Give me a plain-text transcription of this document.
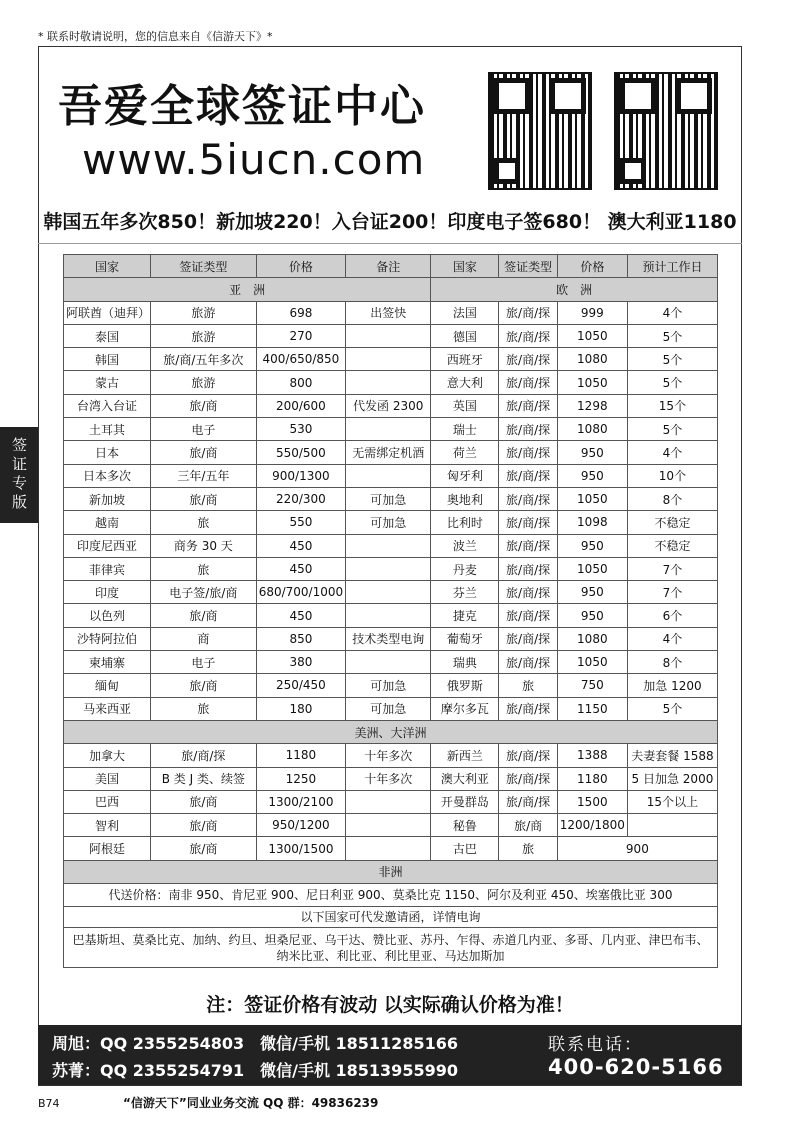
* 联系时敬请说明，您的信息来自《信游天下》*
吾爱全球签证中心
www.5iucn.com
韩国五年多次850！新加坡220！入台证200！印度电子签680！ 澳大利亚1180
签证专版
国家	签证类型	价格	备注	国家	签证类型	价格	预计工作日
亚　洲				欧　洲			
阿联酋（迪拜）	旅游	698	出签快	法国	旅/商/探	999	4个
泰国	旅游	270		德国	旅/商/探	1050	5个
韩国	旅/商/五年多次	400/650/850		西班牙	旅/商/探	1080	5个
蒙古	旅游	800		意大利	旅/商/探	1050	5个
台湾入台证	旅/商	200/600	代发函 2300	英国	旅/商/探	1298	15个
土耳其	电子	530		瑞士	旅/商/探	1080	5个
日本	旅/商	550/500	无需绑定机酒	荷兰	旅/商/探	950	4个
日本多次	三年/五年	900/1300		匈牙利	旅/商/探	950	10个
新加坡	旅/商	220/300	可加急	奥地利	旅/商/探	1050	8个
越南	旅	550	可加急	比利时	旅/商/探	1098	不稳定
印度尼西亚	商务 30 天	450		波兰	旅/商/探	950	不稳定
菲律宾	旅	450		丹麦	旅/商/探	1050	7个
印度	电子签/旅/商	680/700/1000		芬兰	旅/商/探	950	7个
以色列	旅/商	450		捷克	旅/商/探	950	6个
沙特阿拉伯	商	850	技术类型电询	葡萄牙	旅/商/探	1080	4个
柬埔寨	电子	380		瑞典	旅/商/探	1050	8个
缅甸	旅/商	250/450	可加急	俄罗斯	旅	750	加急 1200
马来西亚	旅	180	可加急	摩尔多瓦	旅/商/探	1150	5个
美洲、大洋洲							
加拿大	旅/商/探	1180	十年多次	新西兰	旅/商/探	1388	夫妻套餐 1588
美国	B 类 J 类、续签	1250	十年多次	澳大利亚	旅/商/探	1180	5 日加急 2000
巴西	旅/商	1300/2100		开曼群岛	旅/商/探	1500	15个以上
智利	旅/商	950/1200		秘鲁	旅/商	1200/1800	
阿根廷	旅/商	1300/1500		古巴	旅	900	
非洲							
代送价格：南非 950、肯尼亚 900、尼日利亚 900、莫桑比克 1150、阿尔及利亚 450、埃塞俄比亚 300							
以下国家可代发邀请函，详情电询							
巴基斯坦、莫桑比克、加纳、约旦、坦桑尼亚、乌干达、赞比亚、苏丹、乍得、赤道几内亚、多哥、几内亚、津巴布韦、纳米比亚、利比亚、利比里亚、马达加斯加							
注：签证价格有波动 以实际确认价格为准！
周旭：QQ 2355254803　微信/手机 18511285166
苏菁：QQ 2355254791　微信/手机 18513955990
联系电话：
400-620-5166
B74	“信游天下”同业业务交流 QQ 群：49836239
